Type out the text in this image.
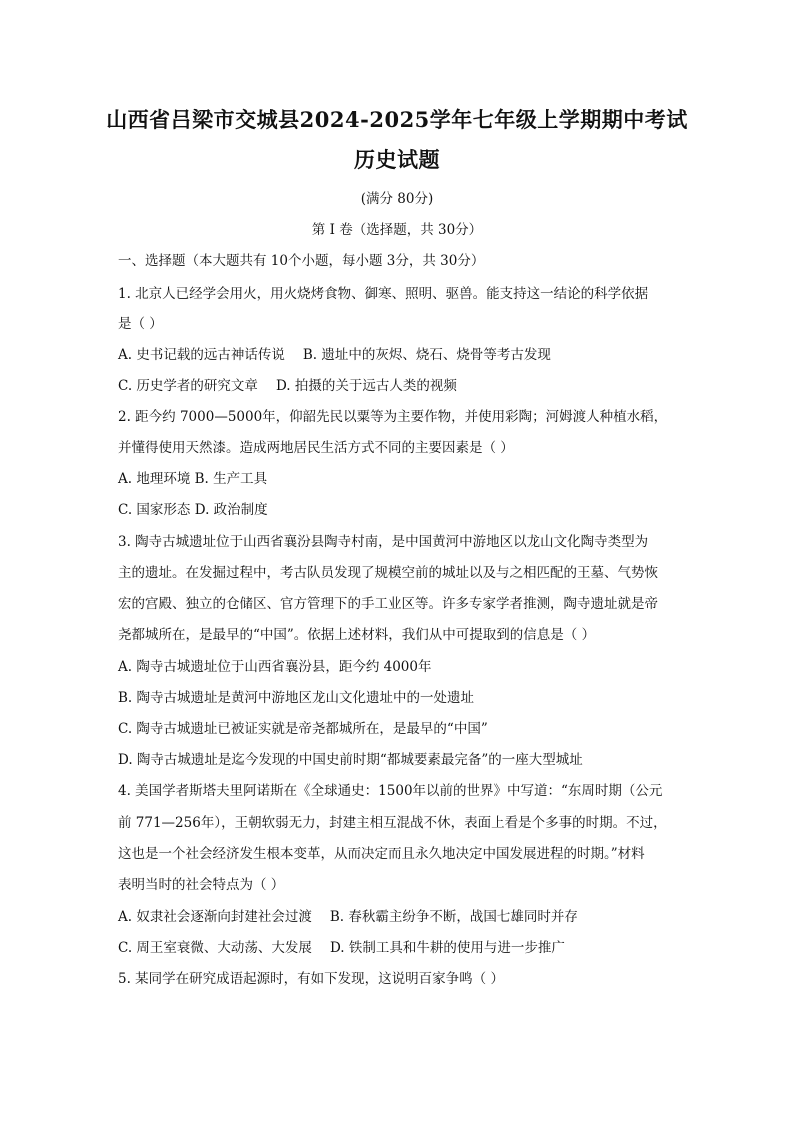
山西省吕梁市交城县2024-2025学年七年级上学期期中考试
历史试题
(满分 80分)
第 I 卷（选择题，共 30分）
一、选择题（本大题共有 10个小题，每小题 3分，共 30分）
1. 北京人已经学会用火，用火烧烤食物、御寒、照明、驱兽。能支持这一结论的科学依据
是（ ）
A. 史书记载的远古神话传说 B. 遗址中的灰烬、烧石、烧骨等考古发现
C. 历史学者的研究文章 D. 拍摄的关于远古人类的视频
2. 距今约 7000—5000年，仰韶先民以粟等为主要作物，并使用彩陶；河姆渡人种植水稻，
并懂得使用天然漆。造成两地居民生活方式不同的主要因素是（ ）
A. 地理环境 B. 生产工具
C. 国家形态 D. 政治制度
3. 陶寺古城遗址位于山西省襄汾县陶寺村南，是中国黄河中游地区以龙山文化陶寺类型为
主的遗址。在发掘过程中，考古队员发现了规模空前的城址以及与之相匹配的王墓、气势恢
宏的宫殿、独立的仓储区、官方管理下的手工业区等。许多专家学者推测，陶寺遗址就是帝
尧都城所在，是最早的“中国”。依据上述材料，我们从中可提取到的信息是（ ）
A. 陶寺古城遗址位于山西省襄汾县，距今约 4000年
B. 陶寺古城遗址是黄河中游地区龙山文化遗址中的一处遗址
C. 陶寺古城遗址已被证实就是帝尧都城所在，是最早的“中国”
D. 陶寺古城遗址是迄今发现的中国史前时期“都城要素最完备”的一座大型城址
4. 美国学者斯塔夫里阿诺斯在《全球通史：1500年以前的世界》中写道：“东周时期（公元
前 771—256年），王朝软弱无力，封建主相互混战不休，表面上看是个多事的时期。不过，
这也是一个社会经济发生根本变革，从而决定而且永久地决定中国发展进程的时期。”材料
表明当时的社会特点为（ ）
A. 奴隶社会逐渐向封建社会过渡 B. 春秋霸主纷争不断，战国七雄同时并存
C. 周王室衰微、大动荡、大发展 D. 铁制工具和牛耕的使用与进一步推广
5. 某同学在研究成语起源时，有如下发现，这说明百家争鸣（ ）
